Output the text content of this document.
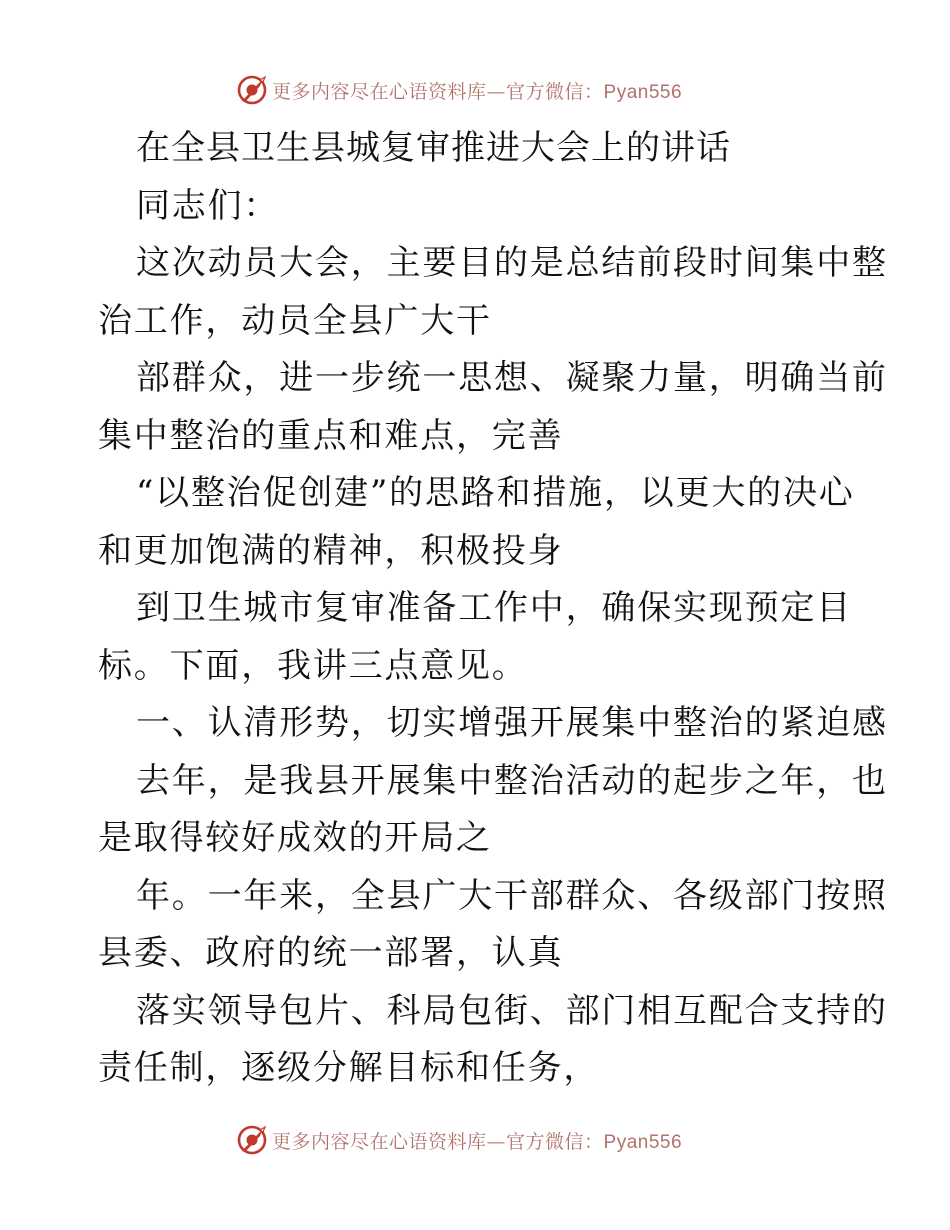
更多内容尽在心语资料库—官方微信：Pyan556
在全县卫生县城复审推进大会上的讲话
同志们：
这次动员大会，主要目的是总结前段时间集中整
治工作，动员全县广大干
部群众，进一步统一思想、凝聚力量，明确当前
集中整治的重点和难点，完善
“以整治促创建”的思路和措施，以更大的决心
和更加饱满的精神，积极投身
到卫生城市复审准备工作中，确保实现预定目
标。下面，我讲三点意见。
一、认清形势，切实增强开展集中整治的紧迫感
去年，是我县开展集中整治活动的起步之年，也
是取得较好成效的开局之
年。一年来，全县广大干部群众、各级部门按照
县委、政府的统一部署，认真
落实领导包片、科局包街、部门相互配合支持的
责任制，逐级分解目标和任务，
更多内容尽在心语资料库—官方微信：Pyan556
